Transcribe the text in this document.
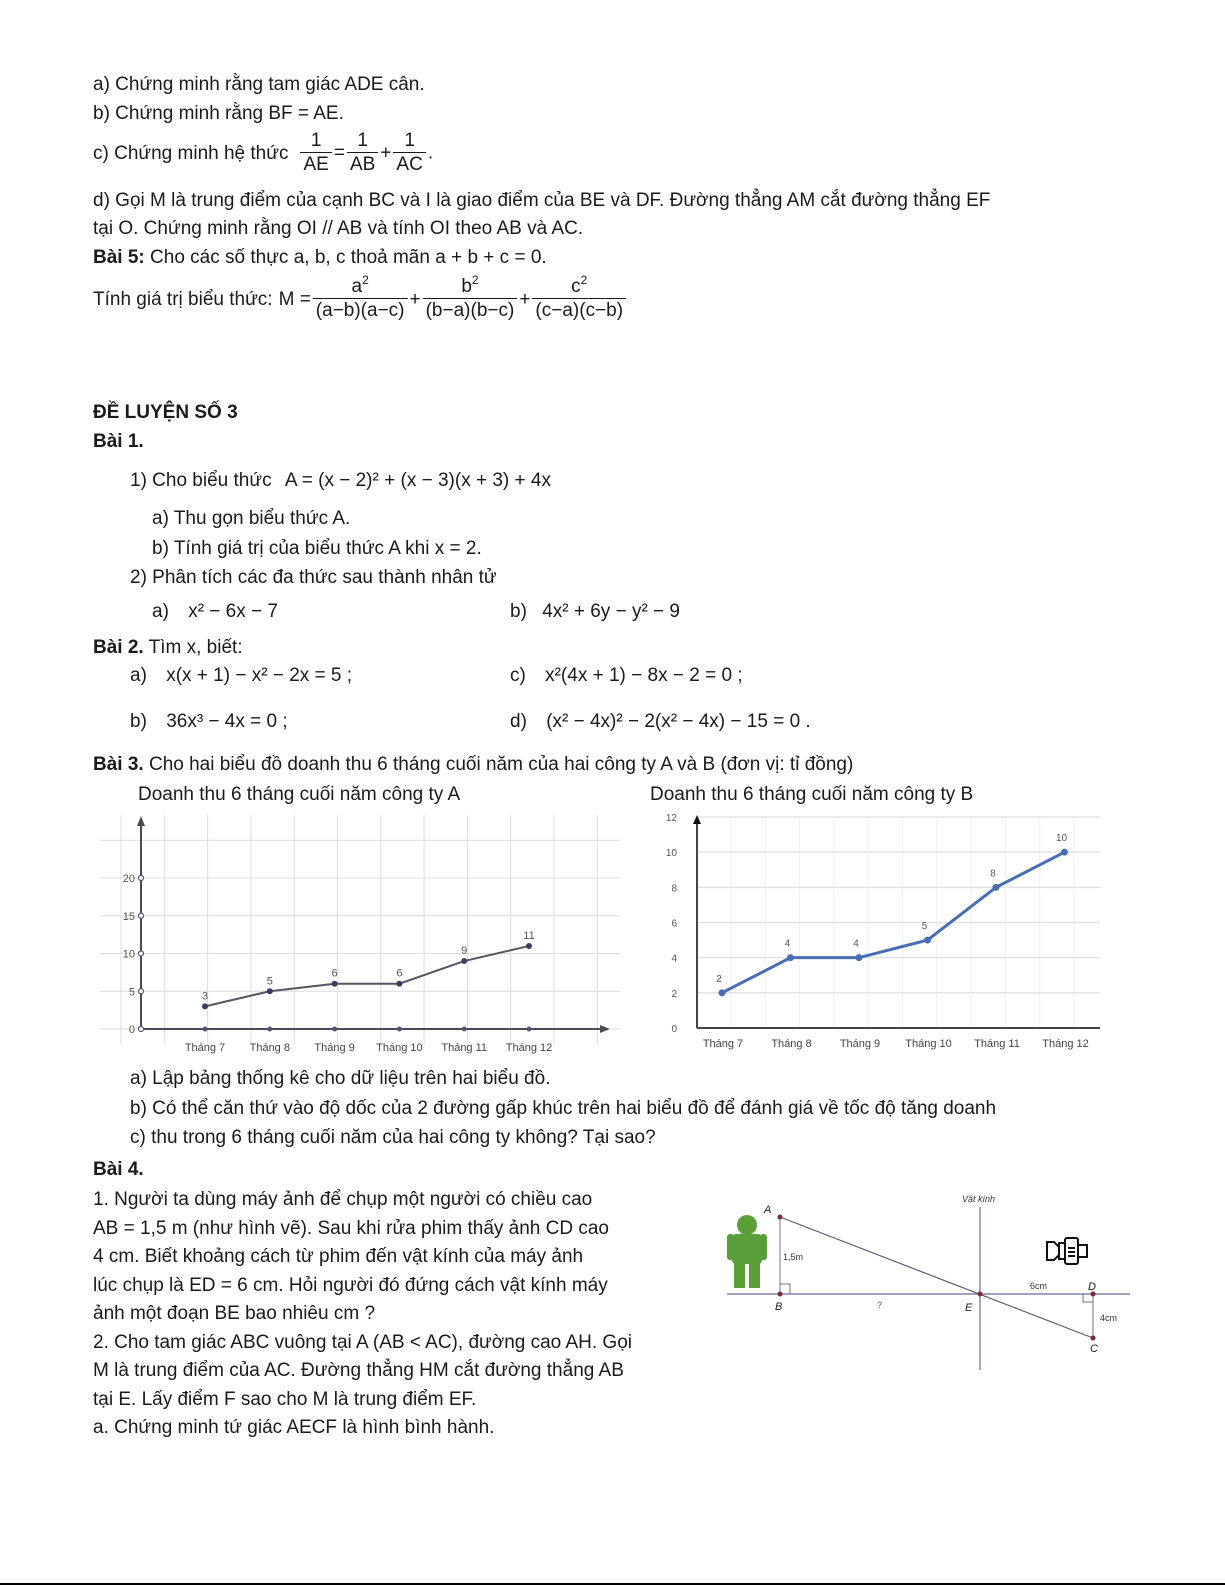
a) Chứng minh rằng tam giác ADE cân.
b) Chứng minh rằng BF = AE.
c) Chứng minh hệ thức $\frac{1}{AE} = \frac{1}{AB} + \frac{1}{AC}$ .
d) Gọi M là trung điểm của cạnh BC và I là giao điểm của BE và DF. Đường thẳng AM cắt đường thẳng EF
tại O. Chứng minh rằng OI // AB và tính OI theo AB và AC.
Bài 5: Cho các số thực a, b, c thoả mãn a + b + c = 0.
Tính giá trị biểu thức: $M = \frac{a^2}{(a-b)(a-c)} + \frac{b^2}{(b-a)(b-c)} + \frac{c^2}{(c-a)(c-b)}$
ĐỀ LUYỆN SỐ 3
Bài 1.
1) Cho biểu thức A = (x − 2)² + (x − 3)(x + 3) + 4x
a) Thu gọn biểu thức A.
b) Tính giá trị của biểu thức A khi x = 2.
2) Phân tích các đa thức sau thành nhân tử
a) x² − 6x − 7	b) 4x² + 6y − y² − 9
Bài 2. Tìm x, biết:
a) x(x + 1) − x² − 2x = 5 ;	c) x²(4x + 1) − 8x − 2 = 0 ;
b) 36x³ − 4x = 0 ;	d) (x² − 4x)² − 2(x² − 4x) − 15 = 0 .
Bài 3. Cho hai biểu đồ doanh thu 6 tháng cuối năm của hai công ty A và B (đơn vị: tỉ đồng)
Doanh thu 6 tháng cuối năm công ty A	Doanh thu 6 tháng cuối năm công ty B
0
5
10
15
20
Tháng 7 Tháng 8 Tháng 9 Tháng 10 Tháng 11 Tháng 12
3
5
6	6
9
11
0
2
4
6
8
10
12
Tháng 7	Tháng 8	Tháng 9 Tháng 10 Tháng 11 Tháng 12
2
4	4
5
8
10
a) Lập bảng thống kê cho dữ liệu trên hai biểu đồ.
b) Có thể căn thứ vào độ dốc của 2 đường gấp khúc trên hai biểu đồ để đánh giá về tốc độ tăng doanh
c) thu trong 6 tháng cuối năm của hai công ty không? Tại sao?
Bài 4.
1. Người ta dùng máy ảnh để chụp một người có chiều cao
AB = 1,5 m (như hình vẽ). Sau khi rửa phim thấy ảnh CD cao
4 cm. Biết khoảng cách từ phim đến vật kính của máy ảnh
lúc chụp là ED = 6 cm. Hỏi người đó đứng cách vật kính máy
ảnh một đoạn BE bao nhiêu cm ?
2. Cho tam giác ABC vuông tại A (AB < AC), đường cao AH. Gọi
M là trung điểm của AC. Đường thẳng HM cắt đường thẳng AB
tại E. Lấy điểm F sao cho M là trung điểm EF.
a. Chứng minh tứ giác AECF là hình bình hành.
Vật kính
A
B	E
D
C
1,5m
?
6cm
4cm
